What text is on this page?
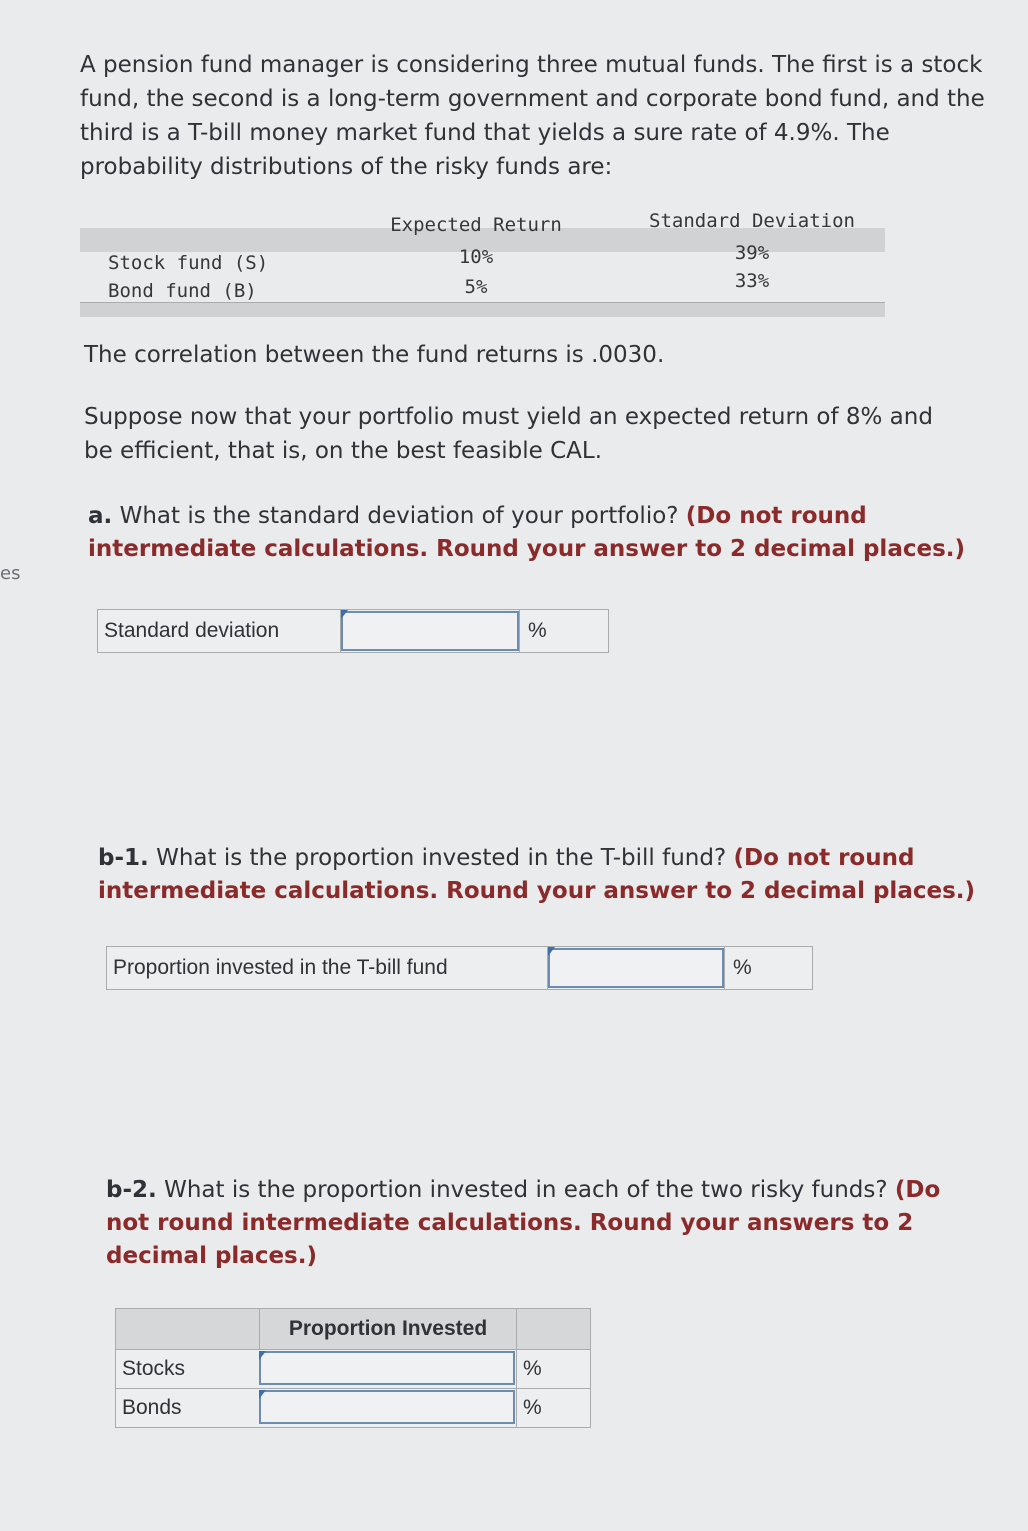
es
A pension fund manager is considering three mutual funds. The first is a stock fund, the second is a long-term government and corporate bond fund, and the third is a T-bill money market fund that yields a sure rate of 4.9%. The probability distributions of the risky funds are:
Expected Return	Standard Deviation
Stock fund (S)	10%	39%
Bond fund (B)	5%	33%
The correlation between the fund returns is .0030.
Suppose now that your portfolio must yield an expected return of 8% and be efficient, that is, on the best feasible CAL.
a. What is the standard deviation of your portfolio? (Do not round intermediate calculations. Round your answer to 2 decimal places.)
Standard deviation	%
b-1. What is the proportion invested in the T-bill fund? (Do not round intermediate calculations. Round your answer to 2 decimal places.)
Proportion invested in the T-bill fund	%
b-2. What is the proportion invested in each of the two risky funds? (Do not round intermediate calculations. Round your answers to 2 decimal places.)
Proportion Invested
Stocks	%
Bonds	%
